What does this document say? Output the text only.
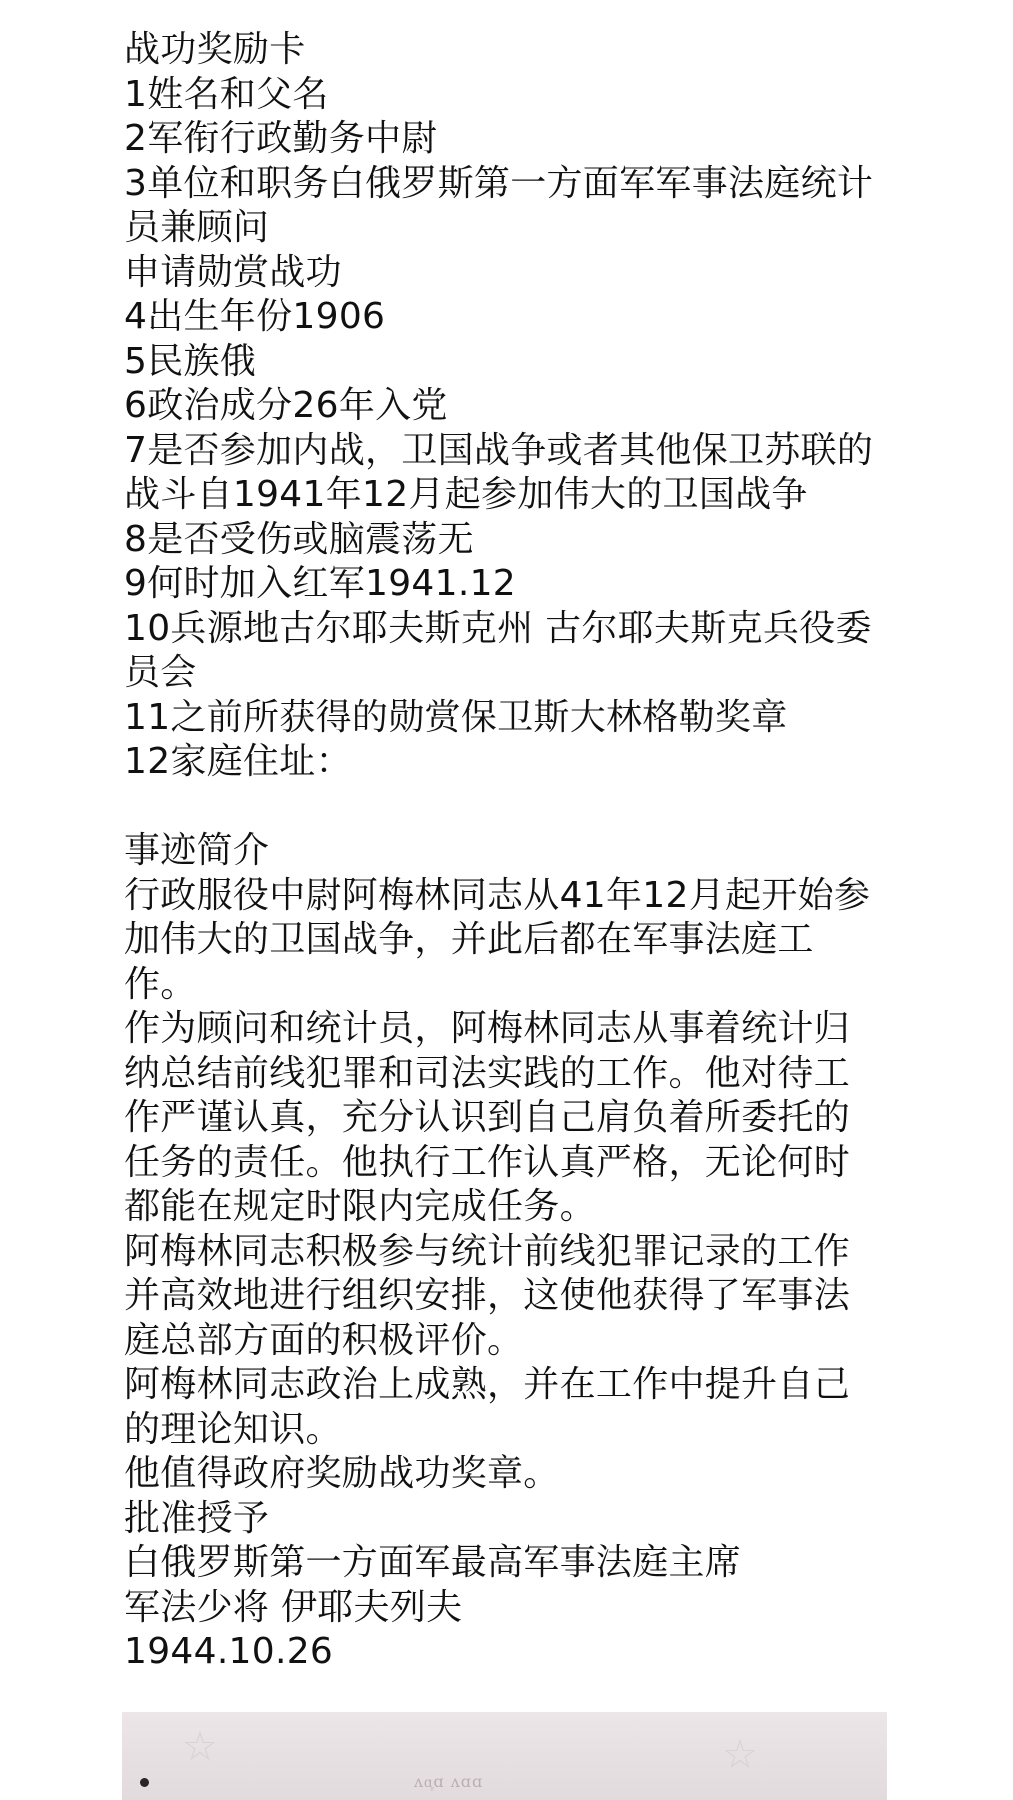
战功奖励卡
1姓名和父名
2军衔行政勤务中尉
3单位和职务白俄罗斯第一方面军军事法庭统计
员兼顾问
申请勋赏战功
4出生年份1906
5民族俄
6政治成分26年入党
7是否参加内战，卫国战争或者其他保卫苏联的
战斗自1941年12月起参加伟大的卫国战争
8是否受伤或脑震荡无
9何时加入红军1941.12
10兵源地古尔耶夫斯克州 古尔耶夫斯克兵役委
员会
11之前所获得的勋赏保卫斯大林格勒奖章
12家庭住址：
事迹简介
行政服役中尉阿梅林同志从41年12月起开始参
加伟大的卫国战争，并此后都在军事法庭工
作。
作为顾问和统计员，阿梅林同志从事着统计归
纳总结前线犯罪和司法实践的工作。他对待工
作严谨认真，充分认识到自己肩负着所委托的
任务的责任。他执行工作认真严格，无论何时
都能在规定时限内完成任务。
阿梅林同志积极参与统计前线犯罪记录的工作
并高效地进行组织安排，这使他获得了军事法
庭总部方面的积极评价。
阿梅林同志政治上成熟，并在工作中提升自己
的理论知识。
他值得政府奖励战功奖章。
批准授予
白俄罗斯第一方面军最高军事法庭主席
军法少将 伊耶夫列夫
1944.10.26
☆	☆
ʌɑ᷊ɑ ʌɑɑ
